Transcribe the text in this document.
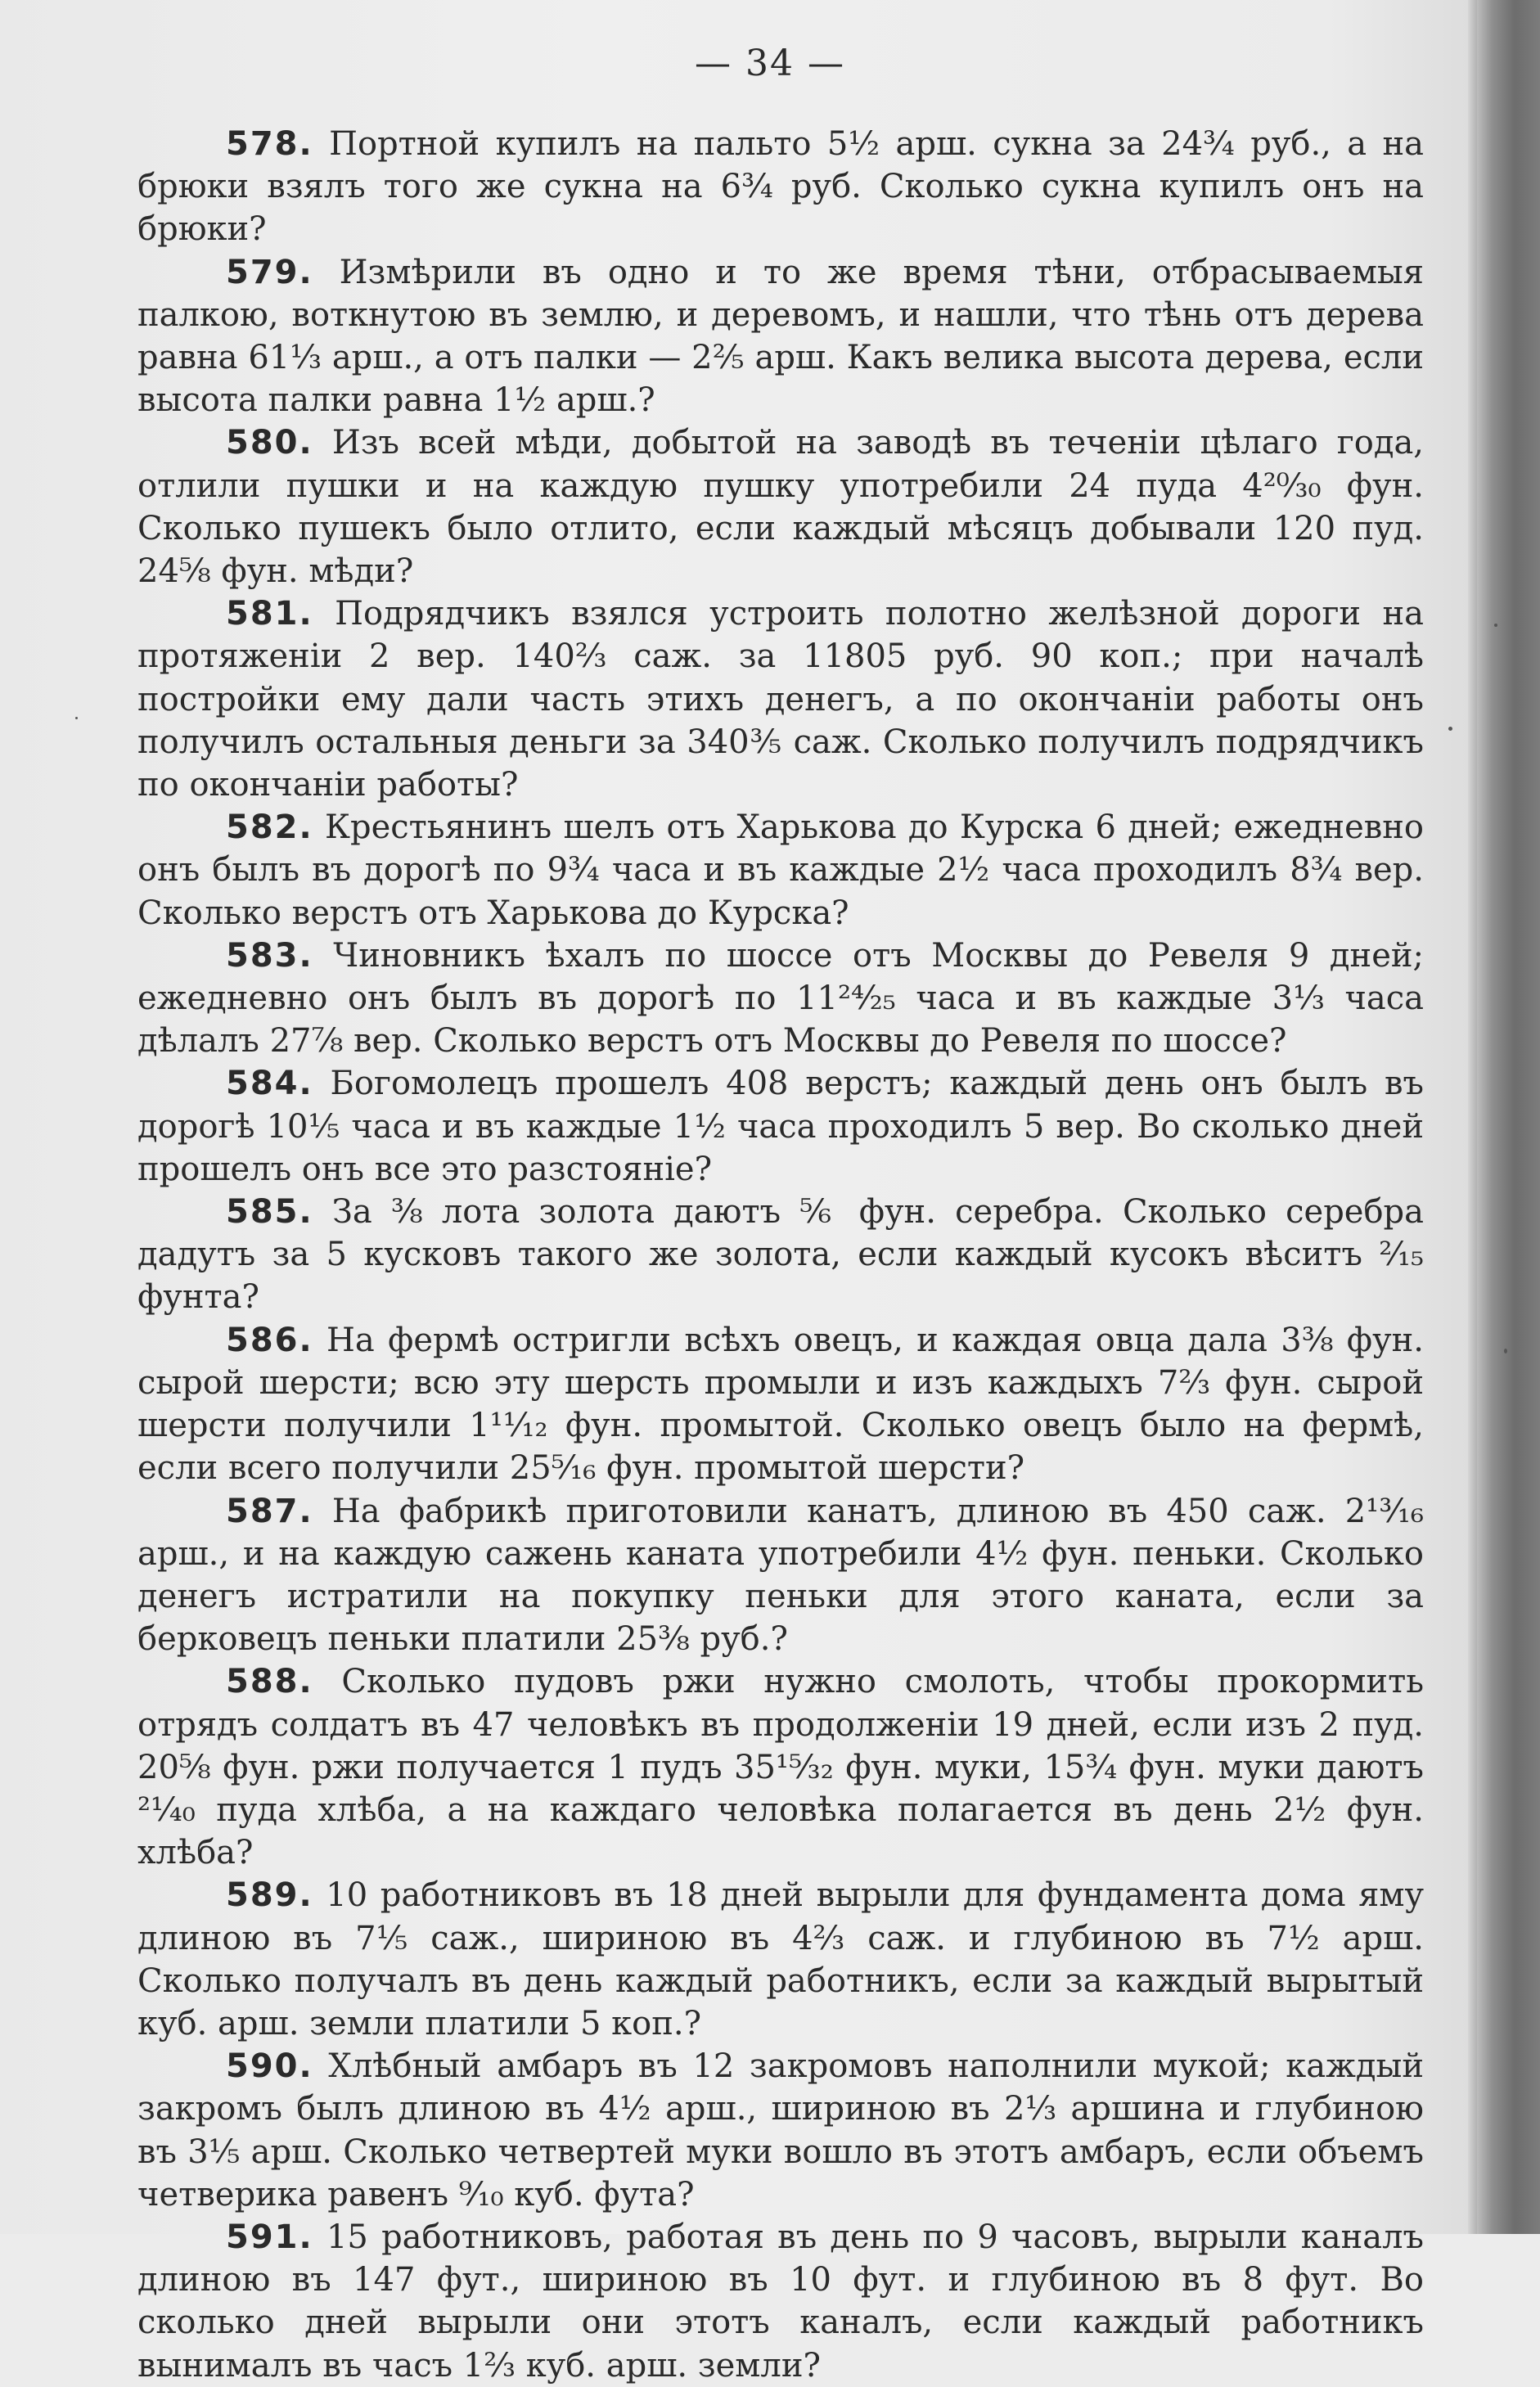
— 34 —

578. Портной купилъ на пальто 5½ арш. сукна за 24¾ руб., а на брюки взялъ того же сукна на 6¾ руб. Сколько сукна купилъ онъ на брюки?

579. Измѣрили въ одно и то же время тѣни, отбрасываемыя палкою, воткнутою въ землю, и деревомъ, и нашли, что тѣнь отъ дерева равна 61⅓ арш., а отъ палки — 2⅖ арш. Какъ велика высота дерева, если высота палки равна 1½ арш.?

580. Изъ всей мѣди, добытой на заводѣ въ теченіи цѣлаго года, отлили пушки и на каждую пушку употребили 24 пуда 4²⁰⁄₃₀ фун. Сколько пушекъ было отлито, если каждый мѣсяцъ добывали 120 пуд. 24⅝ фун. мѣди?

581. Подрядчикъ взялся устроить полотно желѣзной дороги на протяженіи 2 вер. 140⅔ саж. за 11805 руб. 90 коп.; при началѣ постройки ему дали часть этихъ денегъ, а по окончаніи работы онъ получилъ остальныя деньги за 340⅗ саж. Сколько получилъ подрядчикъ по окончаніи работы?

582. Крестьянинъ шелъ отъ Харькова до Курска 6 дней; ежедневно онъ былъ въ дорогѣ по 9¾ часа и въ каждые 2½ часа проходилъ 8¾ вер. Сколько верстъ отъ Харькова до Курска?

583. Чиновникъ ѣхалъ по шоссе отъ Москвы до Ревеля 9 дней; ежедневно онъ былъ въ дорогѣ по 11²⁴⁄₂₅ часа и въ каждые 3⅓ часа дѣлалъ 27⅞ вер. Сколько верстъ отъ Москвы до Ревеля по шоссе?

584. Богомолецъ прошелъ 408 верстъ; каждый день онъ былъ въ дорогѣ 10⅕ часа и въ каждые 1½ часа проходилъ 5 вер. Во сколько дней прошелъ онъ все это разстояніе?

585. За ⅜ лота золота даютъ ⅚ фун. серебра. Сколько серебра дадутъ за 5 кусковъ такого же золота, если каждый кусокъ вѣситъ ²⁄₁₅ фунта?

586. На фермѣ остригли всѣхъ овецъ, и каждая овца дала 3⅜ фун. сырой шерсти; всю эту шерсть промыли и изъ каждыхъ 7⅔ фун. сырой шерсти получили 1¹¹⁄₁₂ фун. промытой. Сколько овецъ было на фермѣ, если всего получили 25⁵⁄₁₆ фун. промытой шерсти?

587. На фабрикѣ приготовили канатъ, длиною въ 450 саж. 2¹³⁄₁₆ арш., и на каждую сажень каната употребили 4½ фун. пеньки. Сколько денегъ истратили на покупку пеньки для этого каната, если за берковецъ пеньки платили 25⅜ руб.?

588. Сколько пудовъ ржи нужно смолоть, чтобы прокормить отрядъ солдатъ въ 47 человѣкъ въ продолженіи 19 дней, если изъ 2 пуд. 20⅝ фун. ржи получается 1 пудъ 35¹⁵⁄₃₂ фун. муки, 15¾ фун. муки даютъ ²¹⁄₄₀ пуда хлѣба, а на каждаго человѣка полагается въ день 2½ фун. хлѣба?

589. 10 работниковъ въ 18 дней вырыли для фундамента дома яму длиною въ 7⅕ саж., шириною въ 4⅔ саж. и глубиною въ 7½ арш. Сколько получалъ въ день каждый работникъ, если за каждый вырытый куб. арш. земли платили 5 коп.?

590. Хлѣбный амбаръ въ 12 закромовъ наполнили мукой; каждый закромъ былъ длиною въ 4½ арш., шириною въ 2⅓ аршина и глубиною въ 3⅕ арш. Сколько четвертей муки вошло въ этотъ амбаръ, если объемъ четверика равенъ ⁹⁄₁₀ куб. фута?

591. 15 работниковъ, работая въ день по 9 часовъ, вырыли каналъ длиною въ 147 фут., шириною въ 10 фут. и глубиною въ 8 фут. Во сколько дней вырыли они этотъ каналъ, если каждый работникъ вынималъ въ часъ 1⅔ куб. арш. земли?
